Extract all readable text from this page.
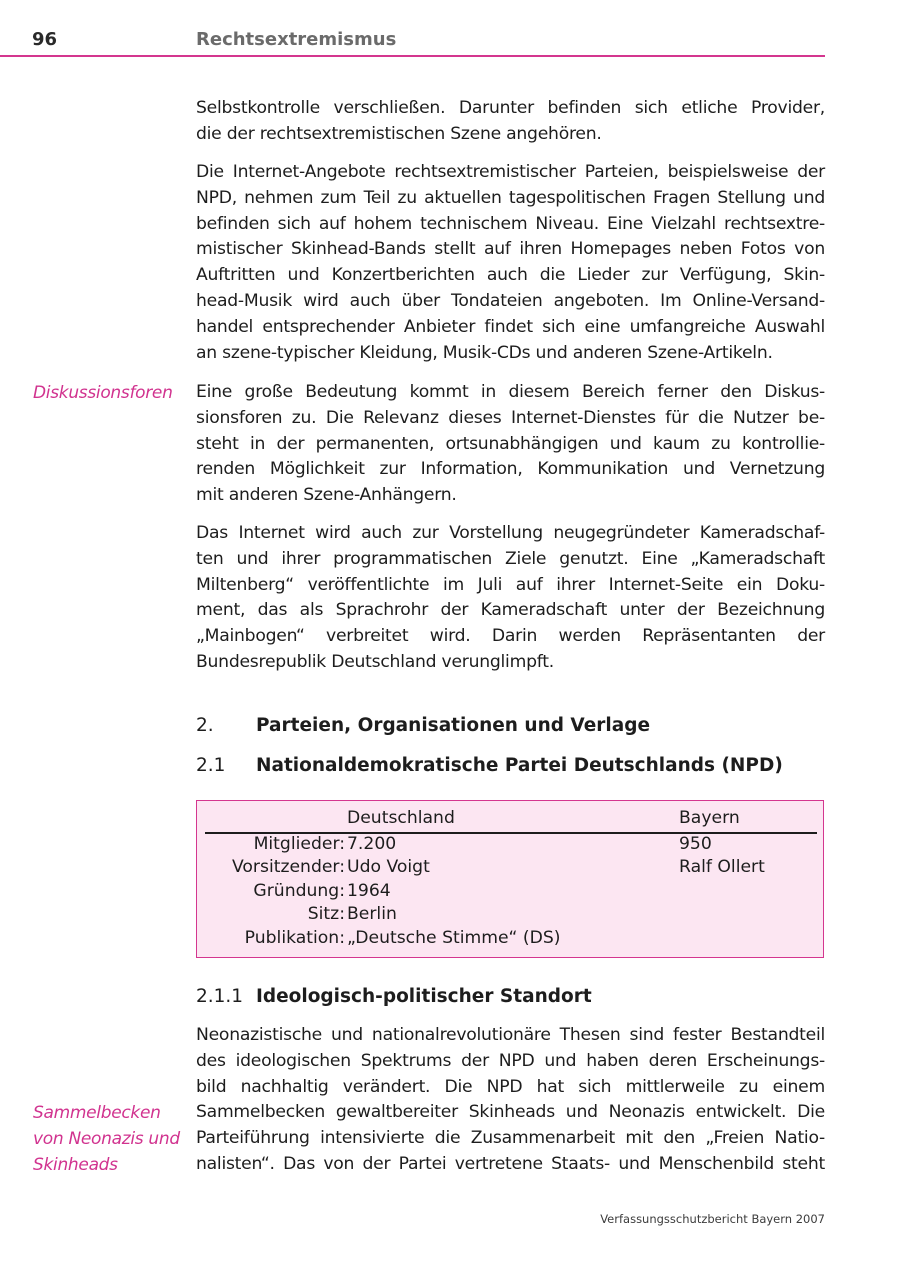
96	Rechtsextremismus
Selbstkontrolle verschließen. Darunter befinden sich etliche Provider,
die der rechtsextremistischen Szene angehören.
Die Internet-Angebote rechtsextremistischer Parteien, beispielsweise der
NPD, nehmen zum Teil zu aktuellen tagespolitischen Fragen Stellung und
befinden sich auf hohem technischem Niveau. Eine Vielzahl rechtsextre-
mistischer Skinhead-Bands stellt auf ihren Homepages neben Fotos von
Auftritten und Konzertberichten auch die Lieder zur Verfügung, Skin-
head-Musik wird auch über Tondateien angeboten. Im Online-Versand-
handel entsprechender Anbieter findet sich eine umfangreiche Auswahl
an szene-typischer Kleidung, Musik-CDs und anderen Szene-Artikeln.
Diskussionsforen	Eine große Bedeutung kommt in diesem Bereich ferner den Diskus-
sionsforen zu. Die Relevanz dieses Internet-Dienstes für die Nutzer be-
steht in der permanenten, ortsunabhängigen und kaum zu kontrollie-
renden Möglichkeit zur Information, Kommunikation und Vernetzung
mit anderen Szene-Anhängern.
Das Internet wird auch zur Vorstellung neugegründeter Kameradschaf-
ten und ihrer programmatischen Ziele genutzt. Eine „Kameradschaft
Miltenberg“ veröffentlichte im Juli auf ihrer Internet-Seite ein Doku-
ment, das als Sprachrohr der Kameradschaft unter der Bezeichnung
„Mainbogen“ verbreitet wird. Darin werden Repräsentanten der
Bundesrepublik Deutschland verunglimpft.
2. Parteien, Organisationen und Verlage
2.1 Nationaldemokratische Partei Deutschlands (NPD)
Deutschland	Bayern
Mitglieder: 7.200	950
Vorsitzender: Udo Voigt	Ralf Ollert
Gründung: 1964
Sitz: Berlin
Publikation: „Deutsche Stimme“ (DS)
2.1.1 Ideologisch-politischer Standort
Sammelbecken
von Neonazis und
Skinheads
Neonazistische und nationalrevolutionäre Thesen sind fester Bestandteil
des ideologischen Spektrums der NPD und haben deren Erscheinungs-
bild nachhaltig verändert. Die NPD hat sich mittlerweile zu einem
Sammelbecken gewaltbereiter Skinheads und Neonazis entwickelt. Die
Parteiführung intensivierte die Zusammenarbeit mit den „Freien Natio-
nalisten“. Das von der Partei vertretene Staats- und Menschenbild steht
Verfassungsschutzbericht Bayern 2007
